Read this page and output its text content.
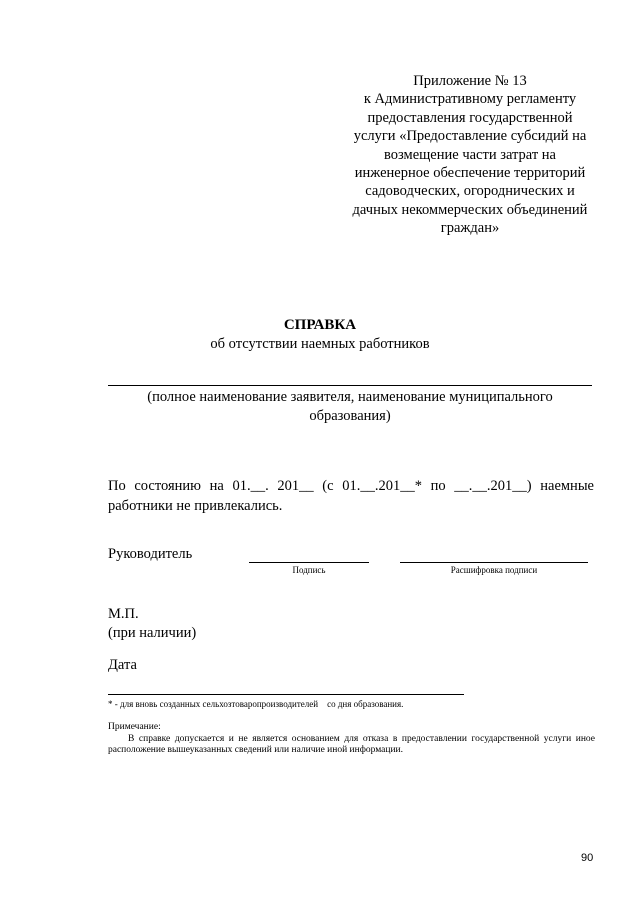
Приложение № 13
к Административному регламенту
предоставления государственной
услуги «Предоставление субсидий на
возмещение части затрат на
инженерное обеспечение территорий
садоводческих, огороднических и
дачных некоммерческих объединений
граждан»
СПРАВКА
об отсутствии наемных работников
(полное наименование заявителя, наименование муниципального
образования)
По состоянию на 01.__. 201__ (с 01.__.201__* по __.__.201__) наемные
работники не привлекались.
Руководитель
Подпись	Расшифровка подписи
М.П.
(при наличии)
Дата
* - для вновь созданных сельхозтоваропроизводителей    со дня образования.
Примечание:
В справке допускается и не является основанием для отказа в предоставлении государственной услуги иное расположение вышеуказанных сведений или наличие иной информации.
90
